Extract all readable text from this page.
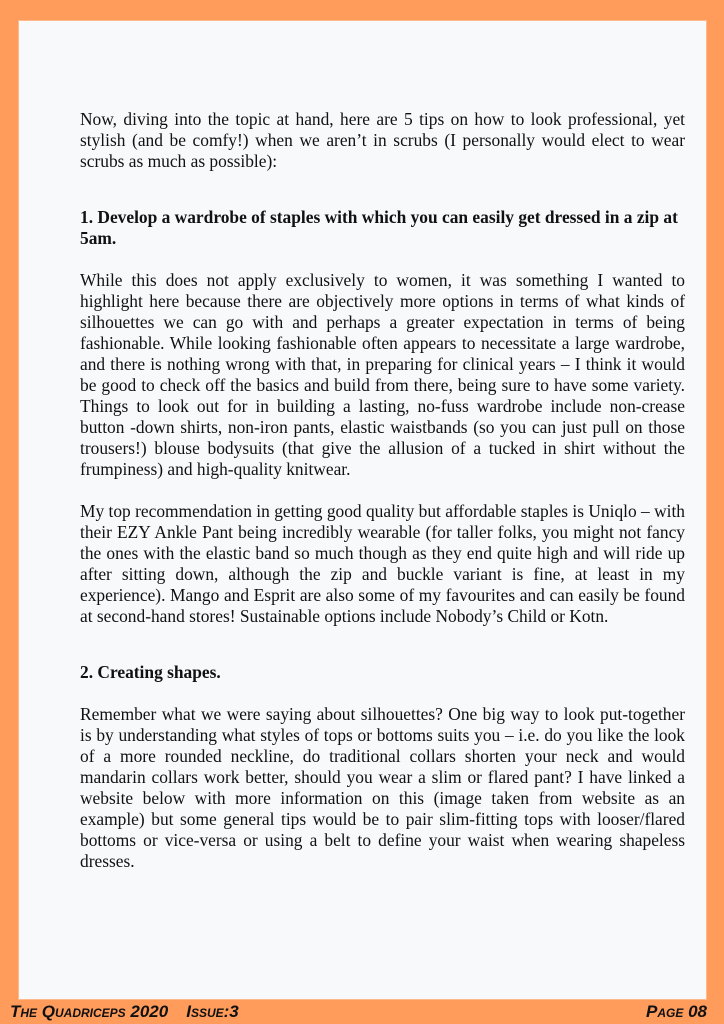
Now, diving into the topic at hand, here are 5 tips on how to look professional, yet stylish (and be comfy!) when we aren’t in scrubs (I personally would elect to wear scrubs as much as possible):

1. Develop a wardrobe of staples with which you can easily get dressed in a zip at 5am.

While this does not apply exclusively to women, it was something I wanted to highlight here because there are objectively more options in terms of what kinds of silhouettes we can go with and perhaps a greater expectation in terms of being fashionable. While looking fashionable often appears to necessitate a large wardrobe, and there is nothing wrong with that, in preparing for clinical years – I think it would be good to check off the basics and build from there, being sure to have some variety. Things to look out for in building a lasting, no-fuss wardrobe include non-crease button -down shirts, non-iron pants, elastic waistbands (so you can just pull on those trousers!) blouse bodysuits (that give the allusion of a tucked in shirt without the frumpiness) and high-quality knitwear.

My top recommendation in getting good quality but affordable staples is Uniqlo – with their EZY Ankle Pant being incredibly wearable (for taller folks, you might not fancy the ones with the elastic band so much though as they end quite high and will ride up after sitting down, although the zip and buckle variant is fine, at least in my experience). Mango and Esprit are also some of my favourites and can easily be found at second-hand stores! Sustainable options include Nobody’s Child or Kotn.

2. Creating shapes.

Remember what we were saying about silhouettes? One big way to look put-together is by understanding what styles of tops or bottoms suits you – i.e. do you like the look of a more rounded neckline, do traditional collars shorten your neck and would mandarin collars work better, should you wear a slim or flared pant? I have linked a website below with more information on this (image taken from website as an example) but some general tips would be to pair slim-fitting tops with looser/flared bottoms or vice-versa or using a belt to define your waist when wearing shapeless dresses.

The Quadriceps 2020 Issue:3	Page 08
